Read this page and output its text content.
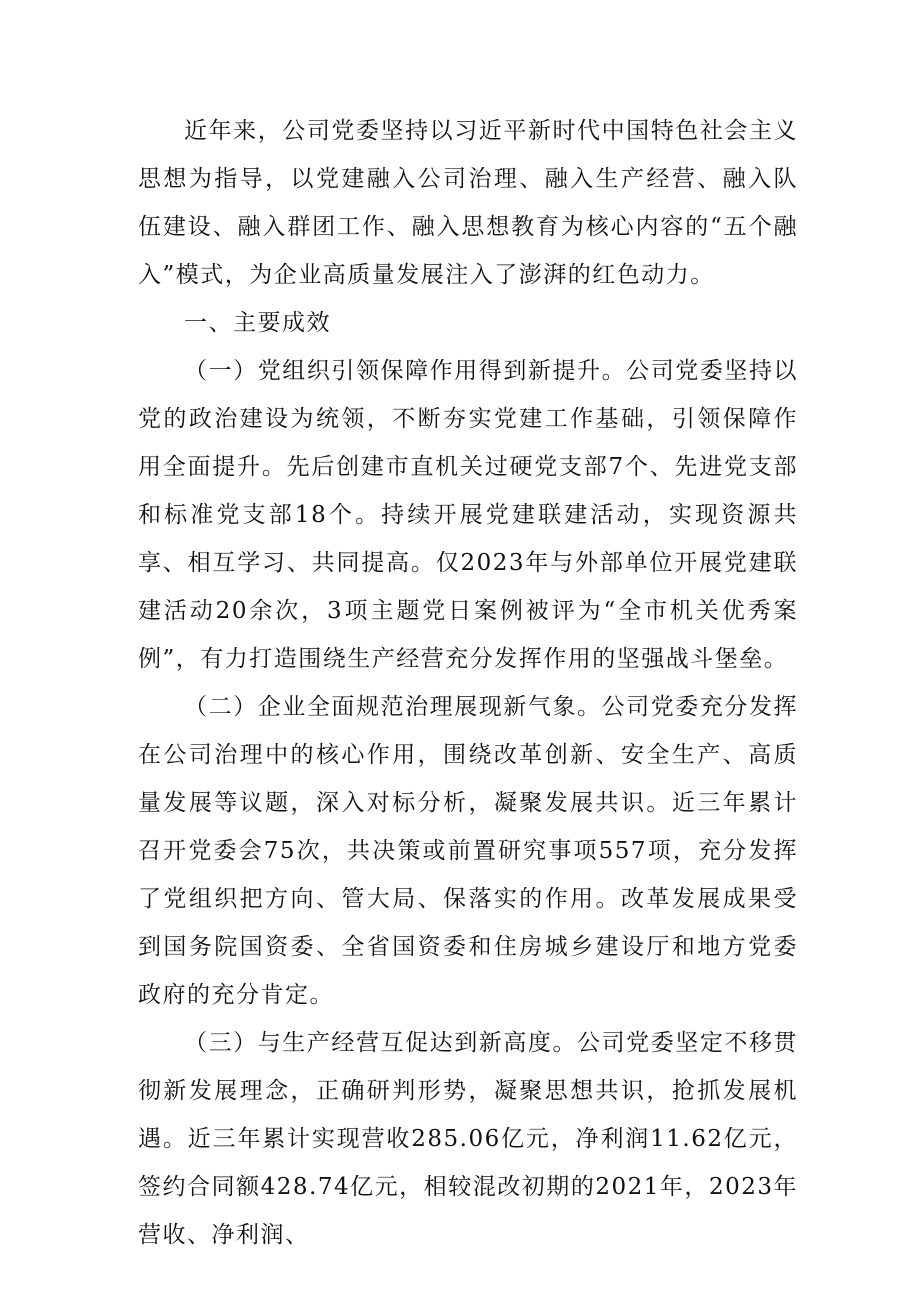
近年来，公司党委坚持以习近平新时代中国特色社会主义思想为指导，以党建融入公司治理、融入生产经营、融入队伍建设、融入群团工作、融入思想教育为核心内容的“五个融入”模式，为企业高质量发展注入了澎湃的红色动力。

一、主要成效

（一）党组织引领保障作用得到新提升。公司党委坚持以党的政治建设为统领，不断夯实党建工作基础，引领保障作用全面提升。先后创建市直机关过硬党支部7个、先进党支部和标准党支部18个。持续开展党建联建活动，实现资源共享、相互学习、共同提高。仅2023年与外部单位开展党建联建活动20余次，3项主题党日案例被评为“全市机关优秀案例”，有力打造围绕生产经营充分发挥作用的坚强战斗堡垒。

（二）企业全面规范治理展现新气象。公司党委充分发挥在公司治理中的核心作用，围绕改革创新、安全生产、高质量发展等议题，深入对标分析，凝聚发展共识。近三年累计召开党委会75次，共决策或前置研究事项557项，充分发挥了党组织把方向、管大局、保落实的作用。改革发展成果受到国务院国资委、全省国资委和住房城乡建设厅和地方党委政府的充分肯定。

（三）与生产经营互促达到新高度。公司党委坚定不移贯彻新发展理念，正确研判形势，凝聚思想共识，抢抓发展机遇。近三年累计实现营收285.06亿元，净利润11.62亿元，签约合同额428.74亿元，相较混改初期的2021年，2023年营收、净利润、
